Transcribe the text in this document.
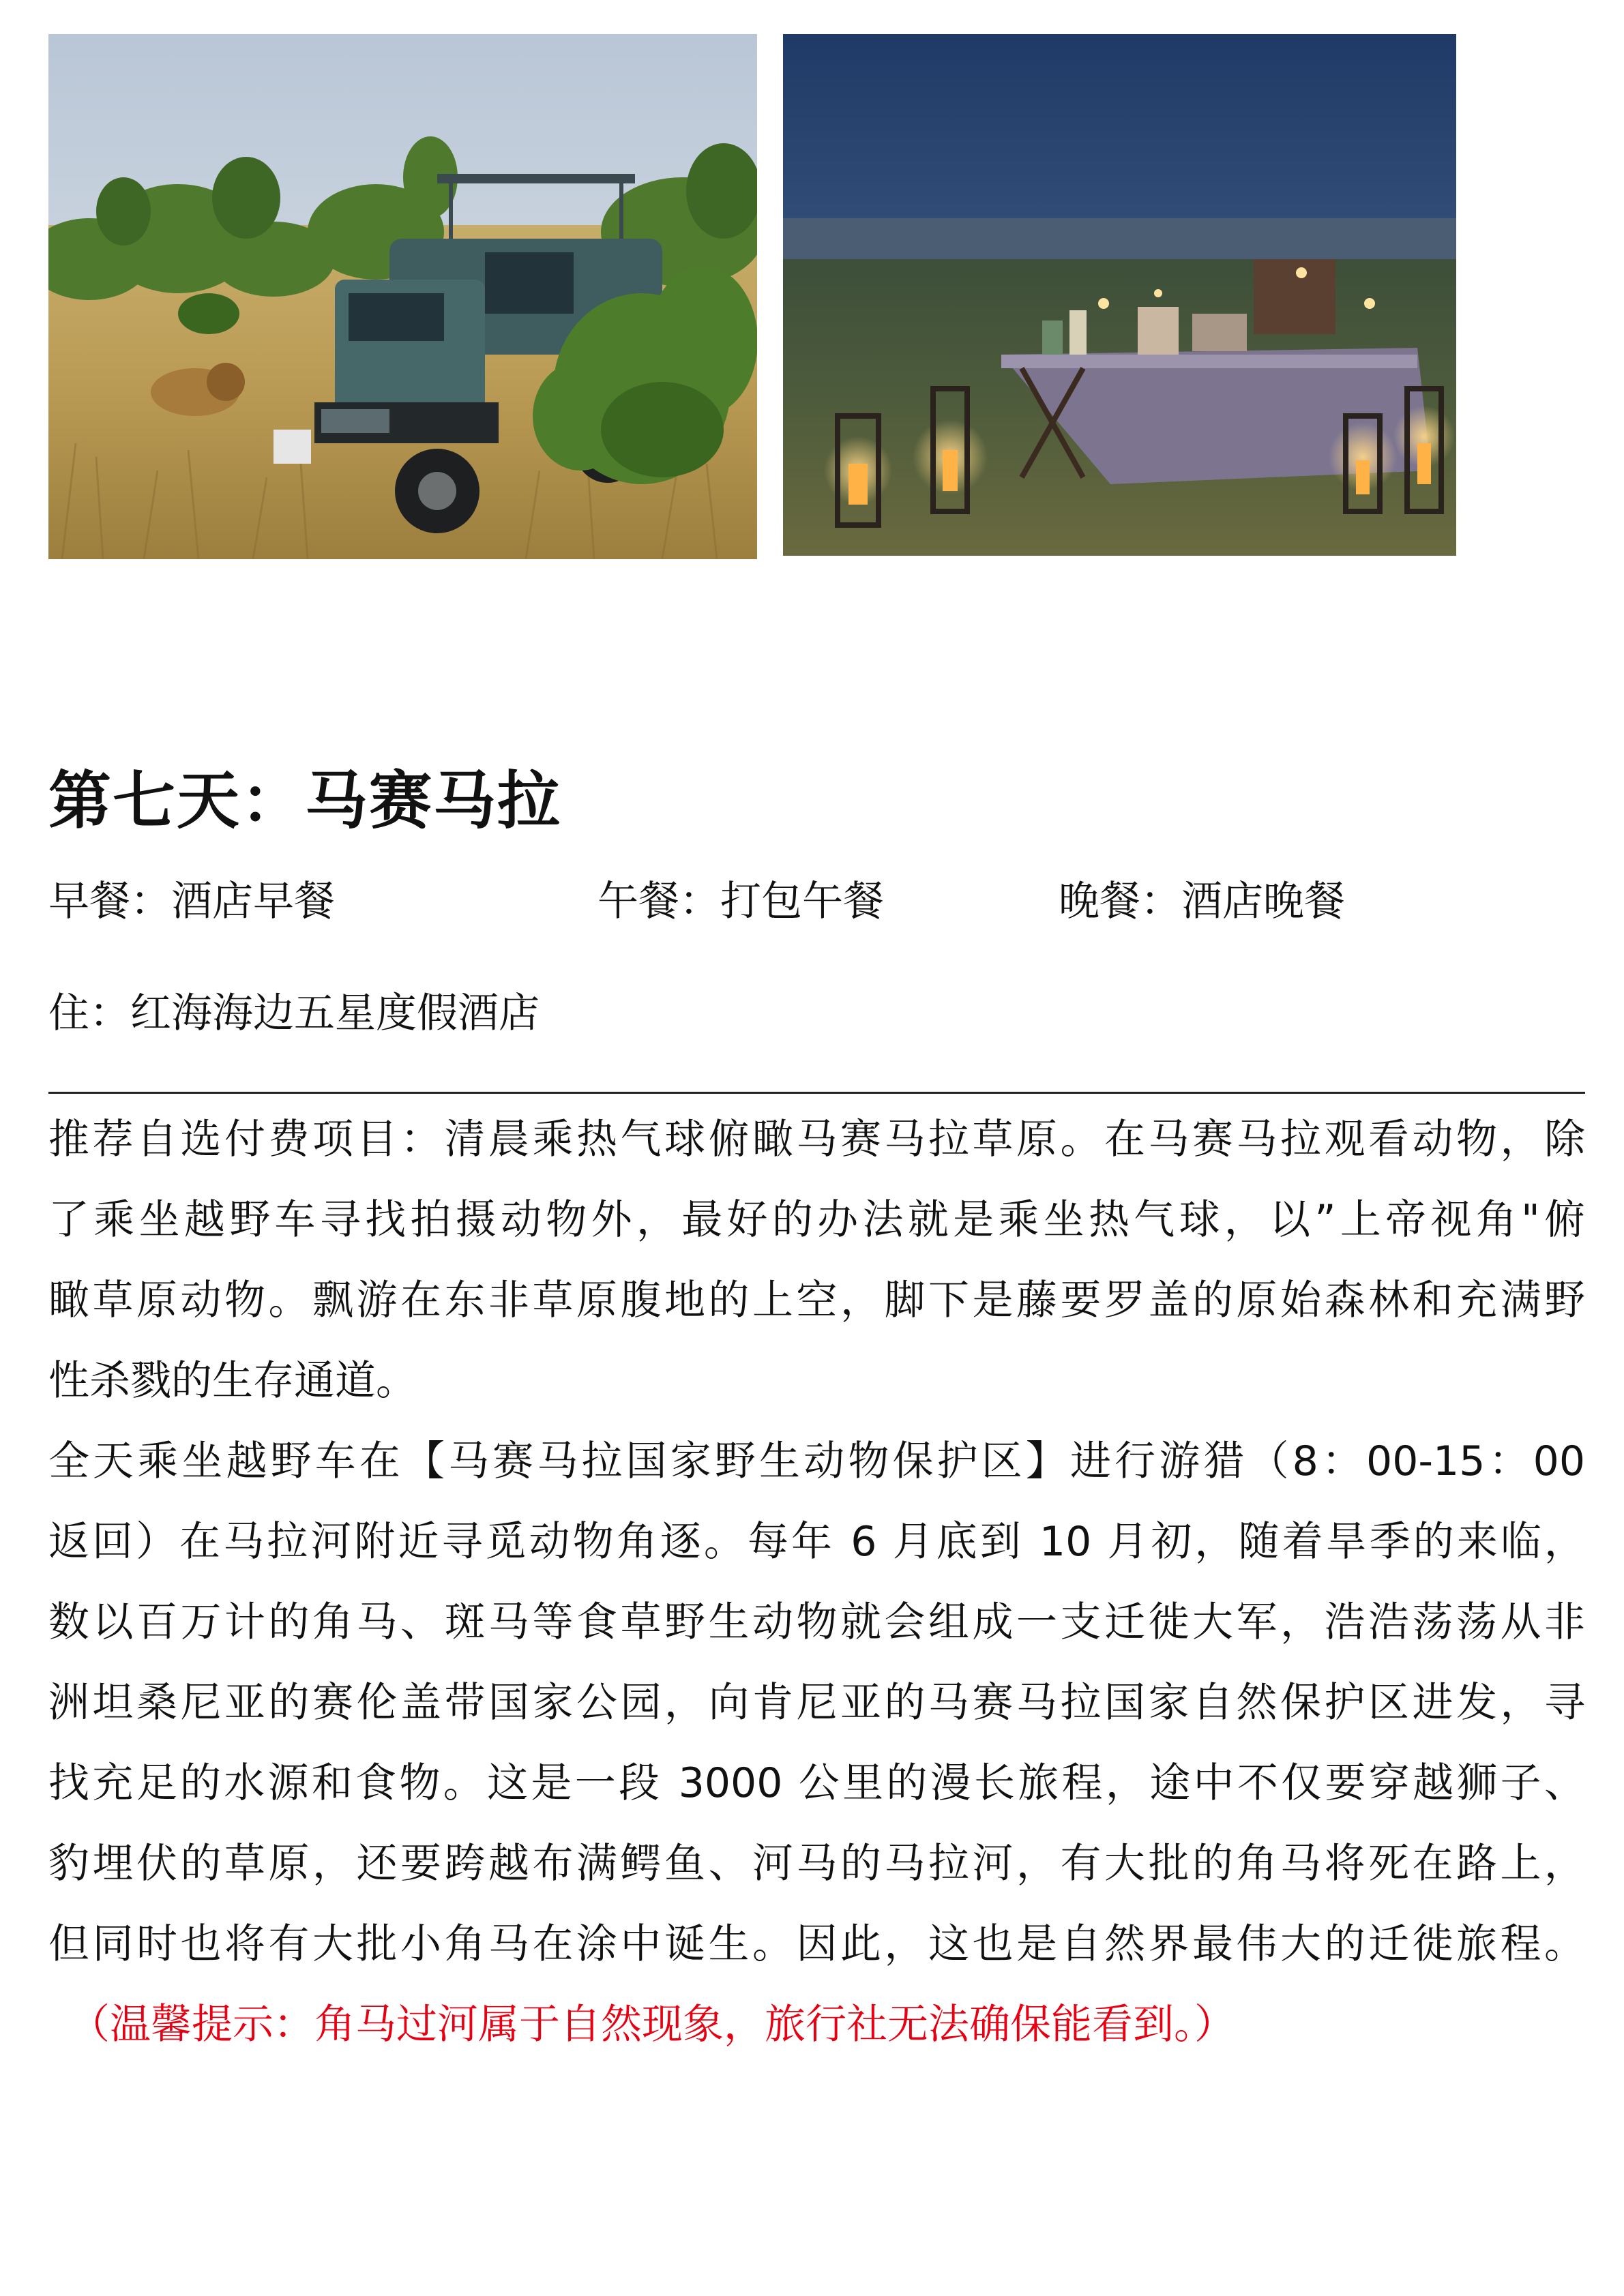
第七天：马赛马拉
早餐：酒店早餐	午餐：打包午餐	晚餐：酒店晚餐
住：红海海边五星度假酒店
推荐自选付费项目：清晨乘热气球俯瞰马赛马拉草原。在马赛马拉观看动物，除
了乘坐越野车寻找拍摄动物外，最好的办法就是乘坐热气球，以”上帝视角"俯
瞰草原动物。飘游在东非草原腹地的上空，脚下是藤要罗盖的原始森林和充满野
性杀戮的生存通道。
全天乘坐越野车在【马赛马拉国家野生动物保护区】进行游猎（8：00-15：00
返回）在马拉河附近寻觅动物角逐。每年 6 月底到 10 月初，随着旱季的来临，
数以百万计的角马、斑马等食草野生动物就会组成一支迁徙大军，浩浩荡荡从非
洲坦桑尼亚的赛伦盖带国家公园，向肯尼亚的马赛马拉国家自然保护区进发，寻
找充足的水源和食物。这是一段 3000 公里的漫长旅程，途中不仅要穿越狮子、
豹埋伏的草原，还要跨越布满鳄鱼、河马的马拉河，有大批的角马将死在路上，
但同时也将有大批小角马在涂中诞生。因此，这也是自然界最伟大的迁徙旅程。
（温馨提示：角马过河属于自然现象，旅行社无法确保能看到。）
